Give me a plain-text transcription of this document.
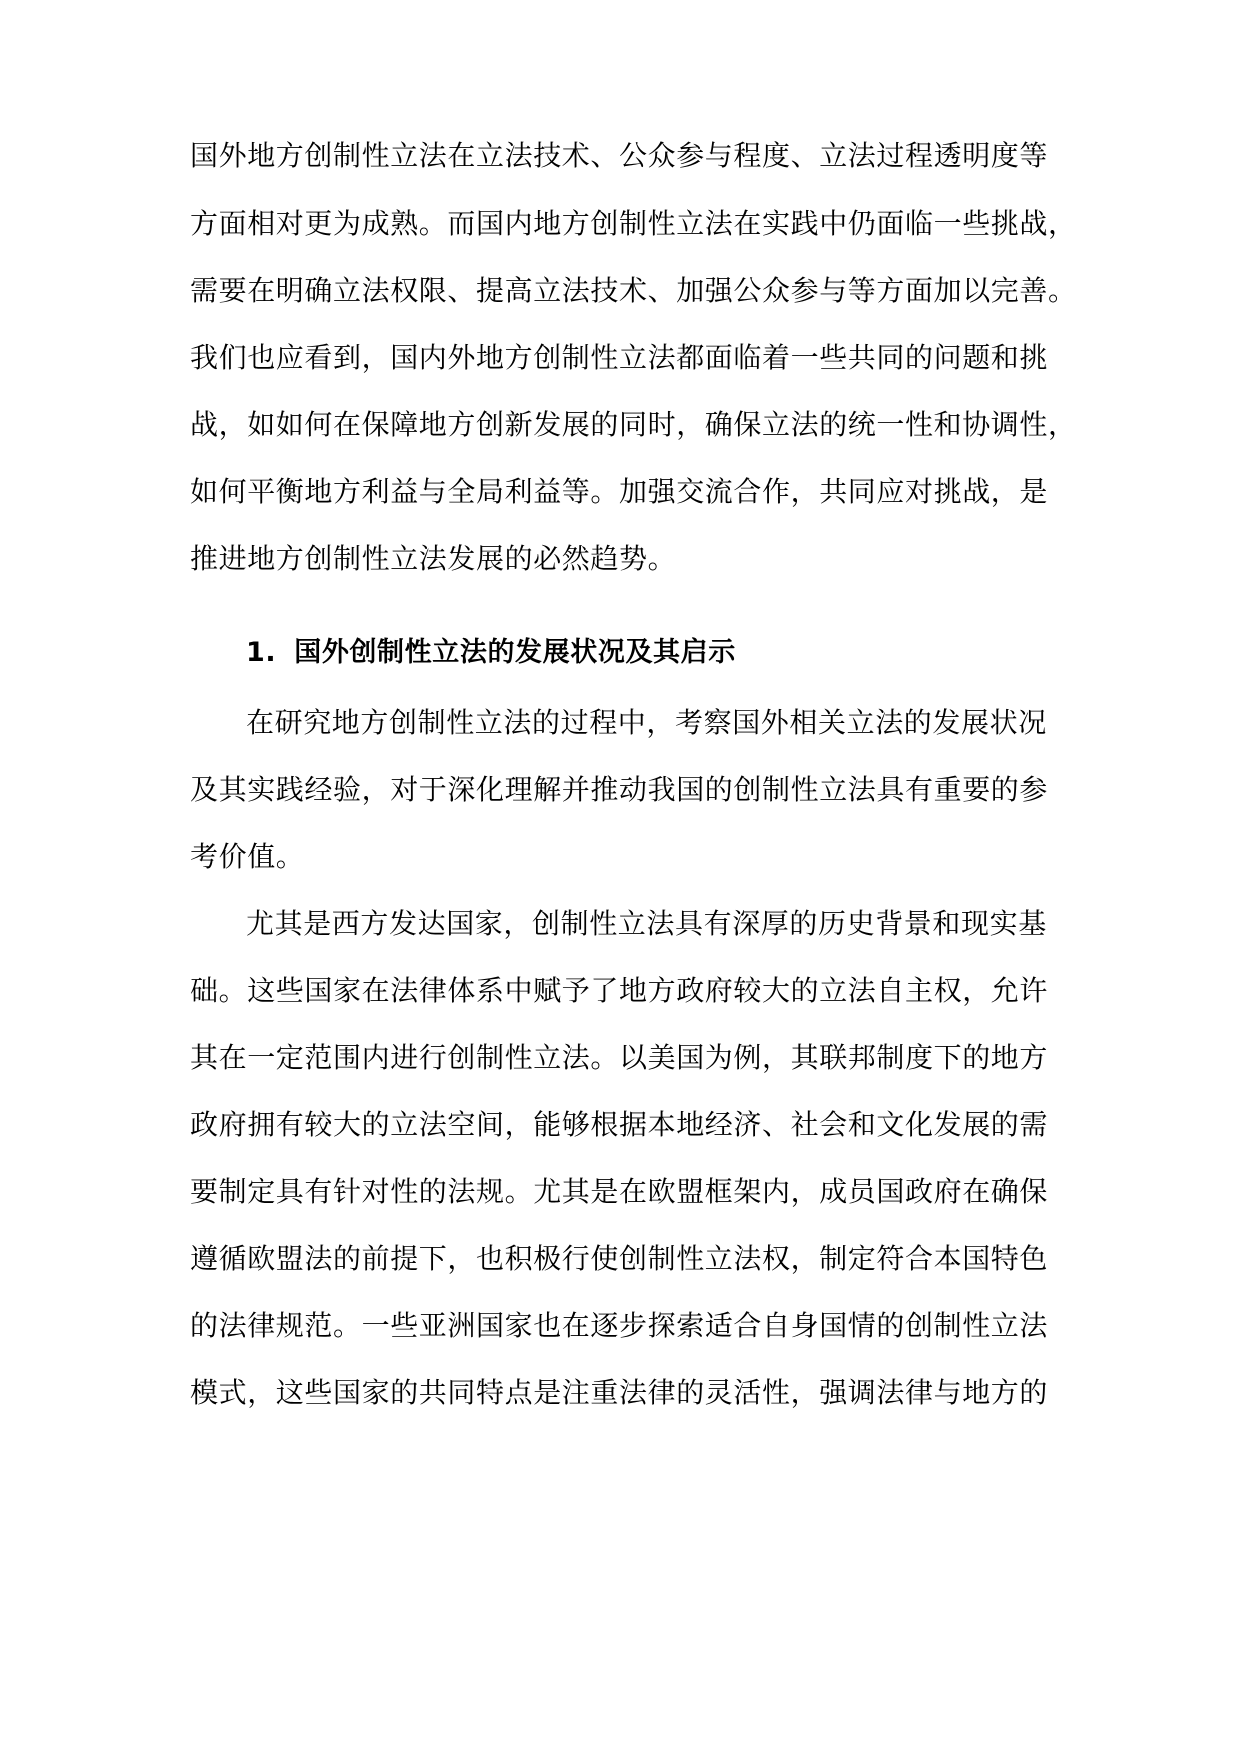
国外地方创制性立法在立法技术、公众参与程度、立法过程透明度等
方面相对更为成熟。而国内地方创制性立法在实践中仍面临一些挑战，
需要在明确立法权限、提高立法技术、加强公众参与等方面加以完善。
我们也应看到，国内外地方创制性立法都面临着一些共同的问题和挑
战，如如何在保障地方创新发展的同时，确保立法的统一性和协调性，
如何平衡地方利益与全局利益等。加强交流合作，共同应对挑战，是
推进地方创制性立法发展的必然趋势。
1. 国外创制性立法的发展状况及其启示
在研究地方创制性立法的过程中，考察国外相关立法的发展状况
及其实践经验，对于深化理解并推动我国的创制性立法具有重要的参
考价值。
尤其是西方发达国家，创制性立法具有深厚的历史背景和现实基
础。这些国家在法律体系中赋予了地方政府较大的立法自主权，允许
其在一定范围内进行创制性立法。以美国为例，其联邦制度下的地方
政府拥有较大的立法空间，能够根据本地经济、社会和文化发展的需
要制定具有针对性的法规。尤其是在欧盟框架内，成员国政府在确保
遵循欧盟法的前提下，也积极行使创制性立法权，制定符合本国特色
的法律规范。一些亚洲国家也在逐步探索适合自身国情的创制性立法
模式，这些国家的共同特点是注重法律的灵活性，强调法律与地方的
